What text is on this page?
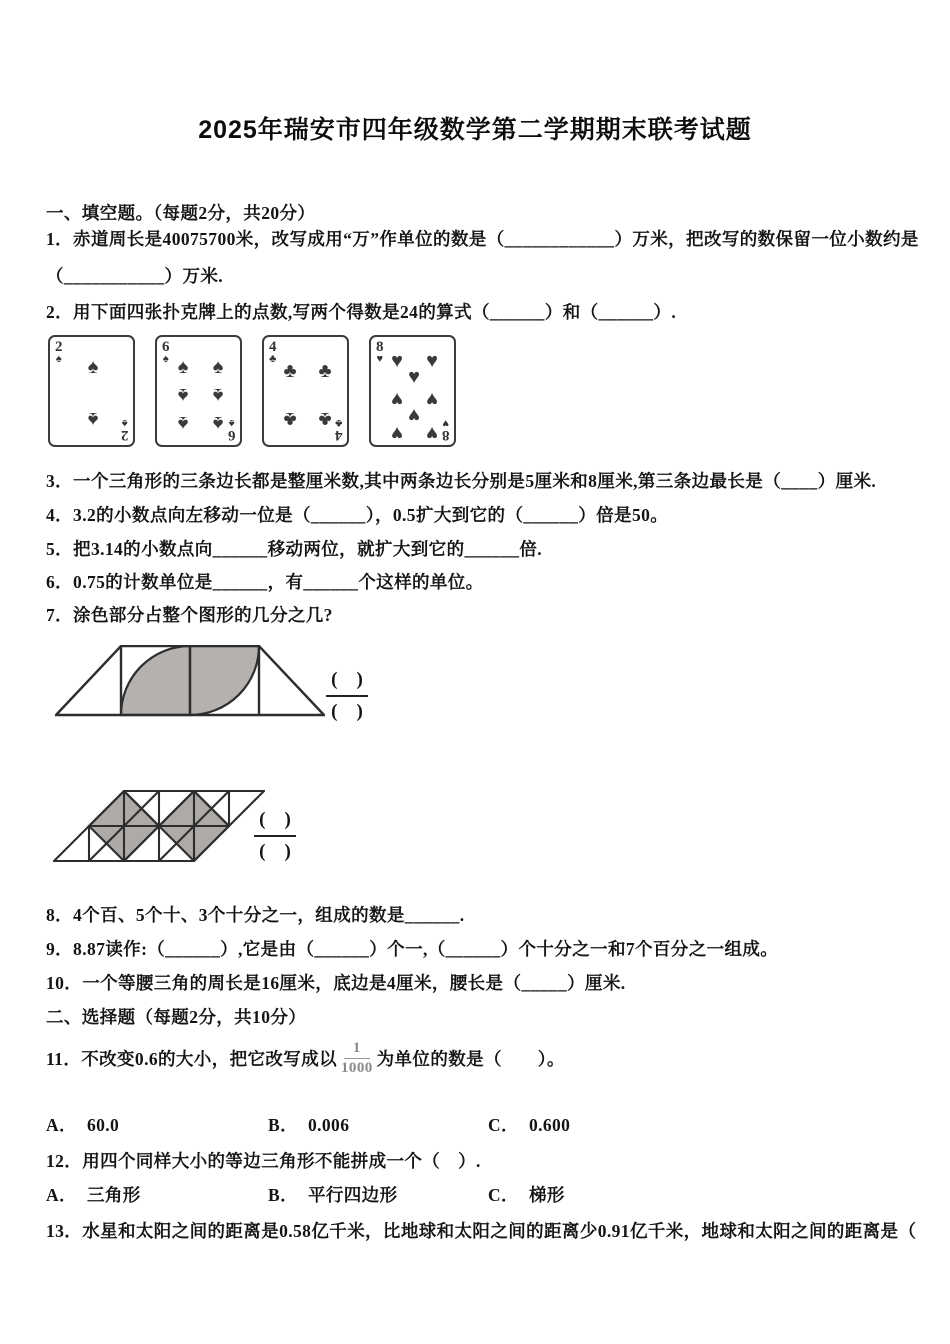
2025年瑞安市四年级数学第二学期期末联考试题
一、填空题。（每题2分，共20分）
1．赤道周长是40075700米，改写成用“万”作单位的数是（____________）万米，把改写的数保留一位小数约是
（___________）万米.
2．用下面四张扑克牌上的点数,写两个得数是24的算式（______）和（______）.
2
♠
2
♠
♠
♠
6
♠
6
♠
♠ ♠
♠ ♠
♠ ♠
4
♣
4
♣
♣ ♣
♣ ♣
8
♥
8
♥
♥ ♥
♥
♥ ♥
♥
♥ ♥
3．一个三角形的三条边长都是整厘米数,其中两条边长分别是5厘米和8厘米,第三条边最长是（____）厘米.
4．3.2的小数点向左移动一位是（______），0.5扩大到它的（______）倍是50。
5．把3.14的小数点向______移动两位，就扩大到它的______倍.
6．0.75的计数单位是______，有______个这样的单位。
7．涂色部分占整个图形的几分之几?
(　)
(　)
(　)
(　)
8．4个百、5个十、3个十分之一，组成的数是______.
9．8.87读作:（______）,它是由（______）个一,（______）个十分之一和7个百分之一组成。
10．一个等腰三角的周长是16厘米，底边是4厘米，腰长是（_____）厘米.
二、选择题（每题2分，共10分）
11．不改变0.6的大小，把它改写成以 $\frac{1}{1000}$ 为单位的数是（　　）。
A． 60.0	B． 0.006	C． 0.600
12．用四个同样大小的等边三角形不能拼成一个（　）.
A． 三角形	B． 平行四边形	C． 梯形
13．水星和太阳之间的距离是0.58亿千米，比地球和太阳之间的距离少0.91亿千米，地球和太阳之间的距离是（
